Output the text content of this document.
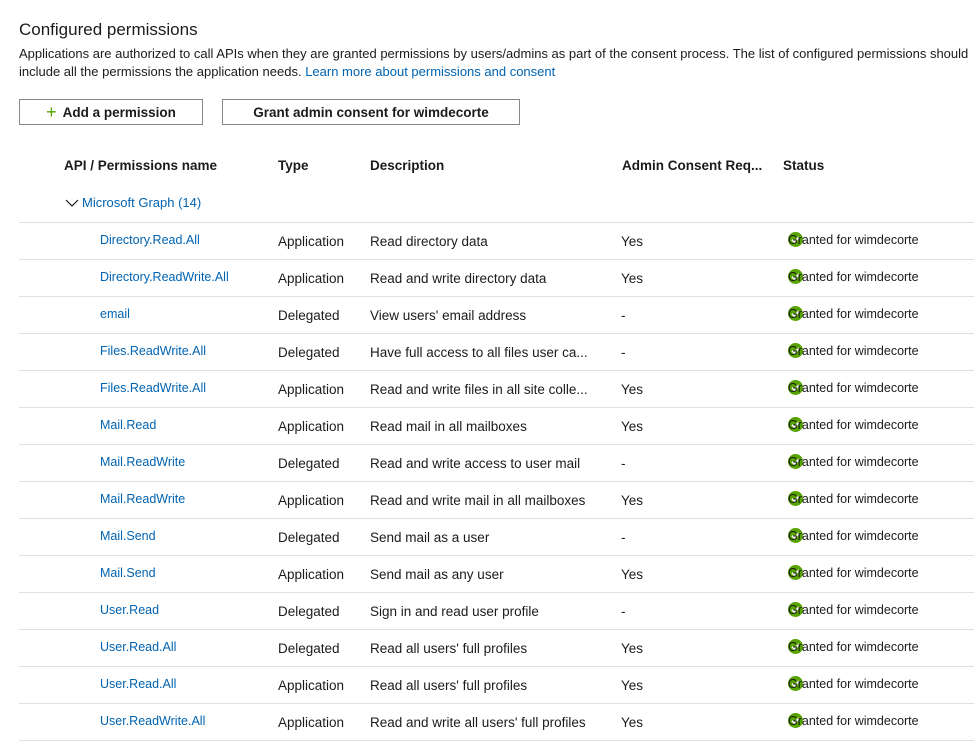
Configured permissions
Applications are authorized to call APIs when they are granted permissions by users/admins as part of the consent process. The list of configured permissions should include all the permissions the application needs. Learn more about permissions and consent
+ Add a permission	Grant admin consent for wimdecorte
API / Permissions name	Type	Description	Admin Consent Req... Status
Microsoft Graph (14)
Directory.Read.All	Application Read directory data	Yes	Granted for wimdecorte
Directory.ReadWrite.All	Application Read and write directory data	Yes	Granted for wimdecorte
email	Delegated View users' email address	-	Granted for wimdecorte
Files.ReadWrite.All	Delegated Have full access to all files user ca... -	Granted for wimdecorte
Files.ReadWrite.All	Application Read and write files in all site colle... Yes	Granted for wimdecorte
Mail.Read	Application Read mail in all mailboxes	Yes	Granted for wimdecorte
Mail.ReadWrite	Delegated Read and write access to user mail	-	Granted for wimdecorte
Mail.ReadWrite	Application Read and write mail in all mailboxes	Yes	Granted for wimdecorte
Mail.Send	Delegated Send mail as a user	-	Granted for wimdecorte
Mail.Send	Application Send mail as any user	Yes	Granted for wimdecorte
User.Read	Delegated Sign in and read user profile	-	Granted for wimdecorte
User.Read.All	Delegated Read all users' full profiles	Yes	Granted for wimdecorte
User.Read.All	Application Read all users' full profiles	Yes	Granted for wimdecorte
User.ReadWrite.All	Application Read and write all users' full profiles	Yes	Granted for wimdecorte
